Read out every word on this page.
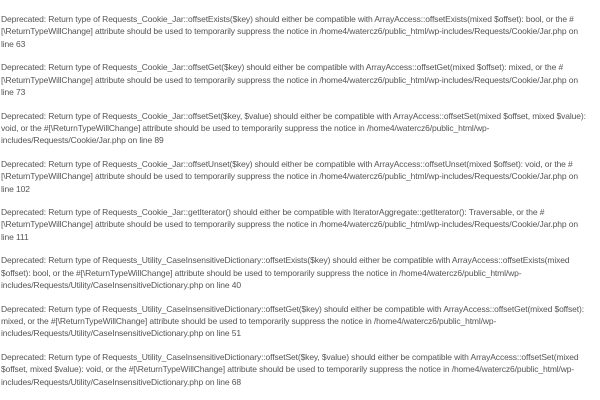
Deprecated: Return type of Requests_Cookie_Jar::offsetExists($key) should either be compatible with ArrayAccess::offsetExists(mixed $offset): bool, or the #
[\ReturnTypeWillChange] attribute should be used to temporarily suppress the notice in /home4/watercz6/public_html/wp-includes/Requests/Cookie/Jar.php on
line 63

Deprecated: Return type of Requests_Cookie_Jar::offsetGet($key) should either be compatible with ArrayAccess::offsetGet(mixed $offset): mixed, or the #
[\ReturnTypeWillChange] attribute should be used to temporarily suppress the notice in /home4/watercz6/public_html/wp-includes/Requests/Cookie/Jar.php on
line 73

Deprecated: Return type of Requests_Cookie_Jar::offsetSet($key, $value) should either be compatible with ArrayAccess::offsetSet(mixed $offset, mixed $value):
void, or the #[\ReturnTypeWillChange] attribute should be used to temporarily suppress the notice in /home4/watercz6/public_html/wp-
includes/Requests/Cookie/Jar.php on line 89

Deprecated: Return type of Requests_Cookie_Jar::offsetUnset($key) should either be compatible with ArrayAccess::offsetUnset(mixed $offset): void, or the #
[\ReturnTypeWillChange] attribute should be used to temporarily suppress the notice in /home4/watercz6/public_html/wp-includes/Requests/Cookie/Jar.php on
line 102

Deprecated: Return type of Requests_Cookie_Jar::getIterator() should either be compatible with IteratorAggregate::getIterator(): Traversable, or the #
[\ReturnTypeWillChange] attribute should be used to temporarily suppress the notice in /home4/watercz6/public_html/wp-includes/Requests/Cookie/Jar.php on
line 111

Deprecated: Return type of Requests_Utility_CaseInsensitiveDictionary::offsetExists($key) should either be compatible with ArrayAccess::offsetExists(mixed
$offset): bool, or the #[\ReturnTypeWillChange] attribute should be used to temporarily suppress the notice in /home4/watercz6/public_html/wp-
includes/Requests/Utility/CaseInsensitiveDictionary.php on line 40

Deprecated: Return type of Requests_Utility_CaseInsensitiveDictionary::offsetGet($key) should either be compatible with ArrayAccess::offsetGet(mixed $offset):
mixed, or the #[\ReturnTypeWillChange] attribute should be used to temporarily suppress the notice in /home4/watercz6/public_html/wp-
includes/Requests/Utility/CaseInsensitiveDictionary.php on line 51

Deprecated: Return type of Requests_Utility_CaseInsensitiveDictionary::offsetSet($key, $value) should either be compatible with ArrayAccess::offsetSet(mixed
$offset, mixed $value): void, or the #[\ReturnTypeWillChange] attribute should be used to temporarily suppress the notice in /home4/watercz6/public_html/wp-
includes/Requests/Utility/CaseInsensitiveDictionary.php on line 68
